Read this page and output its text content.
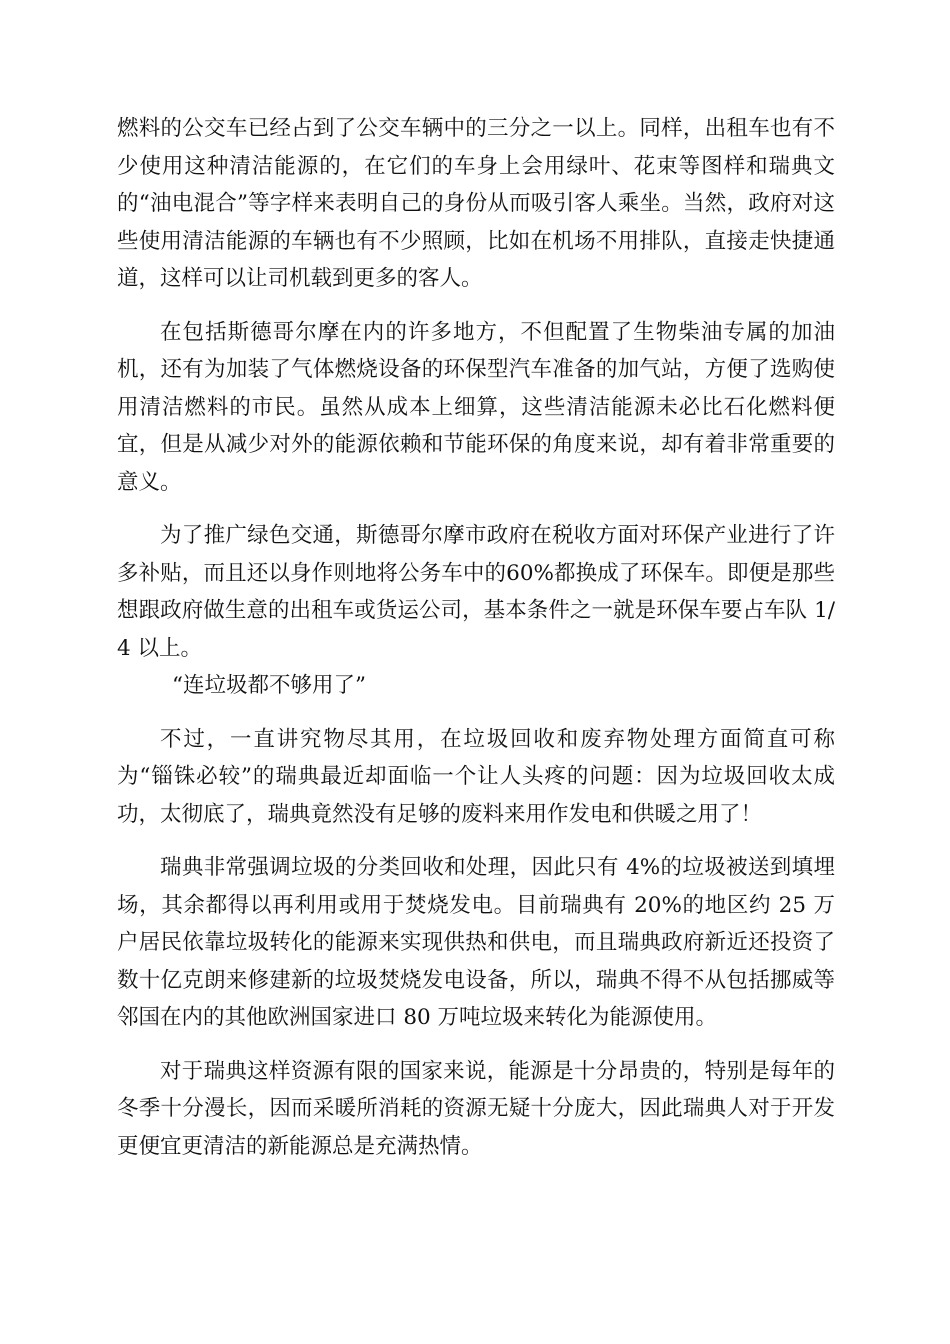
燃料的公交车已经占到了公交车辆中的三分之一以上。同样，出租车也有不少使用这种清洁能源的，在它们的车身上会用绿叶、花束等图样和瑞典文的“油电混合”等字样来表明自己的身份从而吸引客人乘坐。当然，政府对这些使用清洁能源的车辆也有不少照顾，比如在机场不用排队，直接走快捷通道，这样可以让司机载到更多的客人。

在包括斯德哥尔摩在内的许多地方，不但配置了生物柴油专属的加油机，还有为加装了气体燃烧设备的环保型汽车准备的加气站，方便了选购使用清洁燃料的市民。虽然从成本上细算，这些清洁能源未必比石化燃料便宜，但是从减少对外的能源依赖和节能环保的角度来说，却有着非常重要的意义。

为了推广绿色交通，斯德哥尔摩市政府在税收方面对环保产业进行了许多补贴，而且还以身作则地将公务车中的60%都换成了环保车。即便是那些想跟政府做生意的出租车或货运公司，基本条件之一就是环保车要占车队 1/4 以上。

“连垃圾都不够用了”

不过，一直讲究物尽其用，在垃圾回收和废弃物处理方面简直可称为“锱铢必较”的瑞典最近却面临一个让人头疼的问题：因为垃圾回收太成功，太彻底了，瑞典竟然没有足够的废料来用作发电和供暖之用了！

瑞典非常强调垃圾的分类回收和处理，因此只有 4%的垃圾被送到填埋场，其余都得以再利用或用于焚烧发电。目前瑞典有 20%的地区约 25 万户居民依靠垃圾转化的能源来实现供热和供电，而且瑞典政府新近还投资了数十亿克朗来修建新的垃圾焚烧发电设备，所以，瑞典不得不从包括挪威等邻国在内的其他欧洲国家进口 80 万吨垃圾来转化为能源使用。

对于瑞典这样资源有限的国家来说，能源是十分昂贵的，特别是每年的冬季十分漫长，因而采暖所消耗的资源无疑十分庞大，因此瑞典人对于开发更便宜更清洁的新能源总是充满热情。
